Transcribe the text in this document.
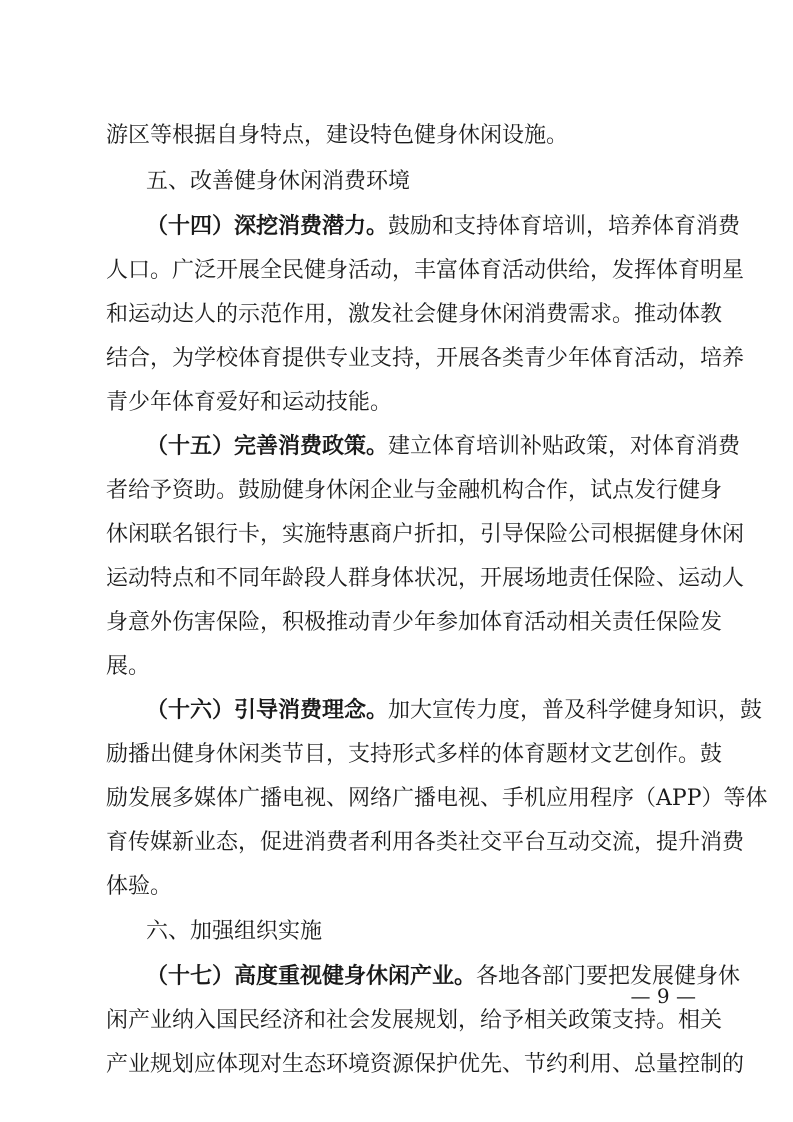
游区等根据自身特点，建设特色健身休闲设施。
五、改善健身休闲消费环境
（十四）深挖消费潜力。鼓励和支持体育培训，培养体育消费
人口。广泛开展全民健身活动，丰富体育活动供给，发挥体育明星
和运动达人的示范作用，激发社会健身休闲消费需求。推动体教
结合，为学校体育提供专业支持，开展各类青少年体育活动，培养
青少年体育爱好和运动技能。
（十五）完善消费政策。建立体育培训补贴政策，对体育消费
者给予资助。鼓励健身休闲企业与金融机构合作，试点发行健身
休闲联名银行卡，实施特惠商户折扣，引导保险公司根据健身休闲
运动特点和不同年龄段人群身体状况，开展场地责任保险、运动人
身意外伤害保险，积极推动青少年参加体育活动相关责任保险发
展。
（十六）引导消费理念。加大宣传力度，普及科学健身知识，鼓
励播出健身休闲类节目，支持形式多样的体育题材文艺创作。鼓
励发展多媒体广播电视、网络广播电视、手机应用程序（APP）等体
育传媒新业态，促进消费者利用各类社交平台互动交流，提升消费
体验。
六、加强组织实施
（十七）高度重视健身休闲产业。各地各部门要把发展健身休
闲产业纳入国民经济和社会发展规划，给予相关政策支持。相关
产业规划应体现对生态环境资源保护优先、节约利用、总量控制的
— 9 —
